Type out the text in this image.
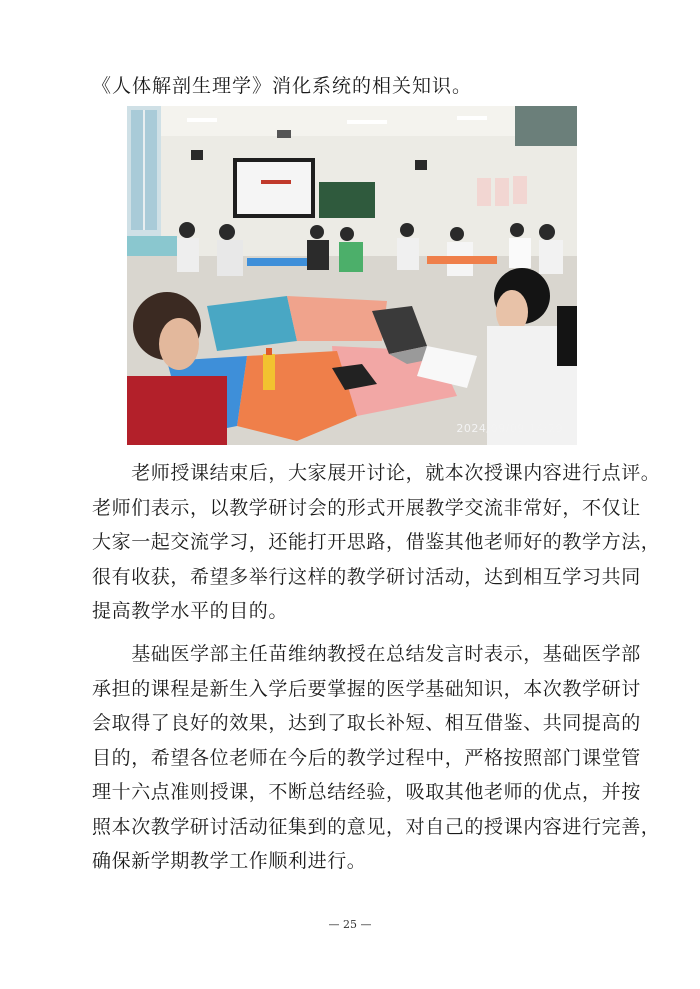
《人体解剖生理学》消化系统的相关知识。
2024/09/09 14:29

　　老师授课结束后，大家展开讨论，就本次授课内容进行点评。
老师们表示，以教学研讨会的形式开展教学交流非常好，不仅让
大家一起交流学习，还能打开思路，借鉴其他老师好的教学方法，
很有收获，希望多举行这样的教学研讨活动，达到相互学习共同
提高教学水平的目的。

　　基础医学部主任苗维纳教授在总结发言时表示，基础医学部
承担的课程是新生入学后要掌握的医学基础知识，本次教学研讨
会取得了良好的效果，达到了取长补短、相互借鉴、共同提高的
目的，希望各位老师在今后的教学过程中，严格按照部门课堂管
理十六点准则授课，不断总结经验，吸取其他老师的优点，并按
照本次教学研讨活动征集到的意见，对自己的授课内容进行完善，
确保新学期教学工作顺利进行。

— 25 —
